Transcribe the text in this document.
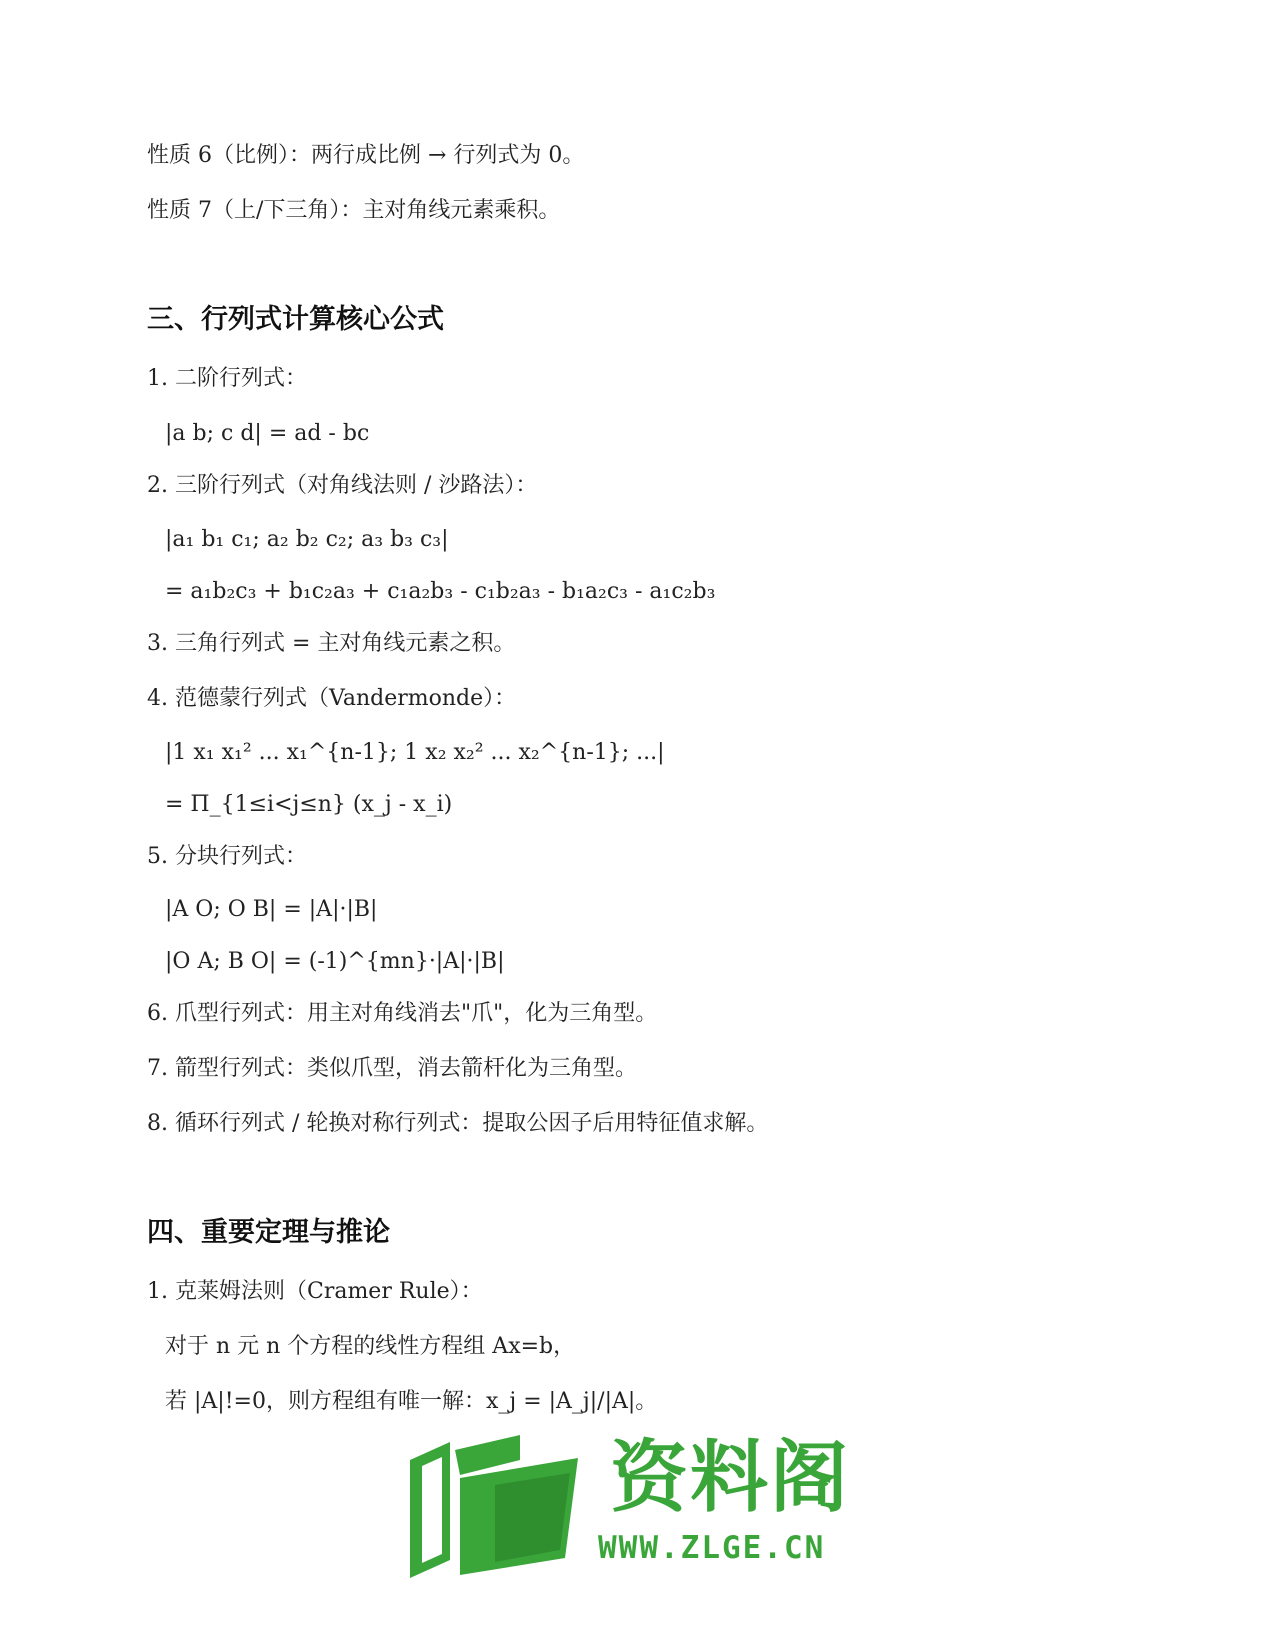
性质 6（比例）：两行成比例 → 行列式为 0。
性质 7（上/下三角）：主对角线元素乘积。
三、行列式计算核心公式
1. 二阶行列式：
|a b; c d| = ad - bc
2. 三阶行列式（对角线法则 / 沙路法）：
|a₁ b₁ c₁; a₂ b₂ c₂; a₃ b₃ c₃|
= a₁b₂c₃ + b₁c₂a₃ + c₁a₂b₃ - c₁b₂a₃ - b₁a₂c₃ - a₁c₂b₃
3. 三角行列式 = 主对角线元素之积。
4. 范德蒙行列式（Vandermonde）：
|1 x₁ x₁² ... x₁^{n-1}; 1 x₂ x₂² ... x₂^{n-1}; ...|
= Π_{1≤i<j≤n} (x_j - x_i)
5. 分块行列式：
|A O; O B| = |A|·|B|
|O A; B O| = (-1)^{mn}·|A|·|B|
6. 爪型行列式：用主对角线消去"爪"，化为三角型。
7. 箭型行列式：类似爪型，消去箭杆化为三角型。
8. 循环行列式 / 轮换对称行列式：提取公因子后用特征值求解。
四、重要定理与推论
1. 克莱姆法则（Cramer Rule）：
对于 n 元 n 个方程的线性方程组 Ax=b，
若 |A|!=0，则方程组有唯一解：x_j = |A_j|/|A|。
资料阁
WWW.ZLGE.CN
